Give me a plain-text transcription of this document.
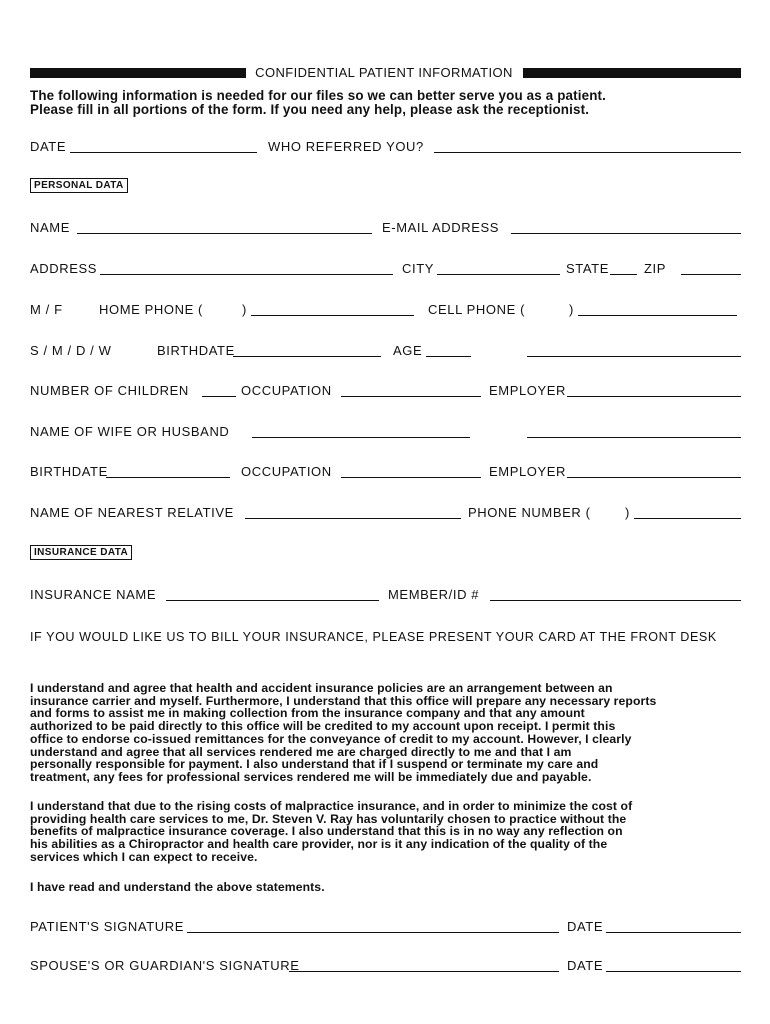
CONFIDENTIAL PATIENT INFORMATION
The following information is needed for our files so we can better serve you as a patient.
Please fill in all portions of the form. If you need any help, please ask the receptionist.
DATE	WHO REFERRED YOU?
PERSONAL DATA
NAME	E-MAIL ADDRESS
ADDRESS	CITY	STATE	ZIP
M / F	HOME PHONE (	)	CELL PHONE (	)
S / M / D / W	BIRTHDATE	AGE
NUMBER OF CHILDREN	OCCUPATION	EMPLOYER
NAME OF WIFE OR HUSBAND
BIRTHDATE	OCCUPATION	EMPLOYER
NAME OF NEAREST RELATIVE	PHONE NUMBER (	)
INSURANCE DATA
INSURANCE NAME	MEMBER/ID #
IF YOU WOULD LIKE US TO BILL YOUR INSURANCE, PLEASE PRESENT YOUR CARD AT THE FRONT DESK
I understand and agree that health and accident insurance policies are an arrangement between an
insurance carrier and myself. Furthermore, I understand that this office will prepare any necessary reports
and forms to assist me in making collection from the insurance company and that any amount
authorized to be paid directly to this office will be credited to my account upon receipt. I permit this
office to endorse co-issued remittances for the conveyance of credit to my account. However, I clearly
understand and agree that all services rendered me are charged directly to me and that I am
personally responsible for payment. I also understand that if I suspend or terminate my care and
treatment, any fees for professional services rendered me will be immediately due and payable.
I understand that due to the rising costs of malpractice insurance, and in order to minimize the cost of
providing health care services to me, Dr. Steven V. Ray has voluntarily chosen to practice without the
benefits of malpractice insurance coverage. I also understand that this is in no way any reflection on
his abilities as a Chiropractor and health care provider, nor is it any indication of the quality of the
services which I can expect to receive.
I have read and understand the above statements.
PATIENT'S SIGNATURE	DATE
SPOUSE'S OR GUARDIAN'S SIGNATURE	DATE
